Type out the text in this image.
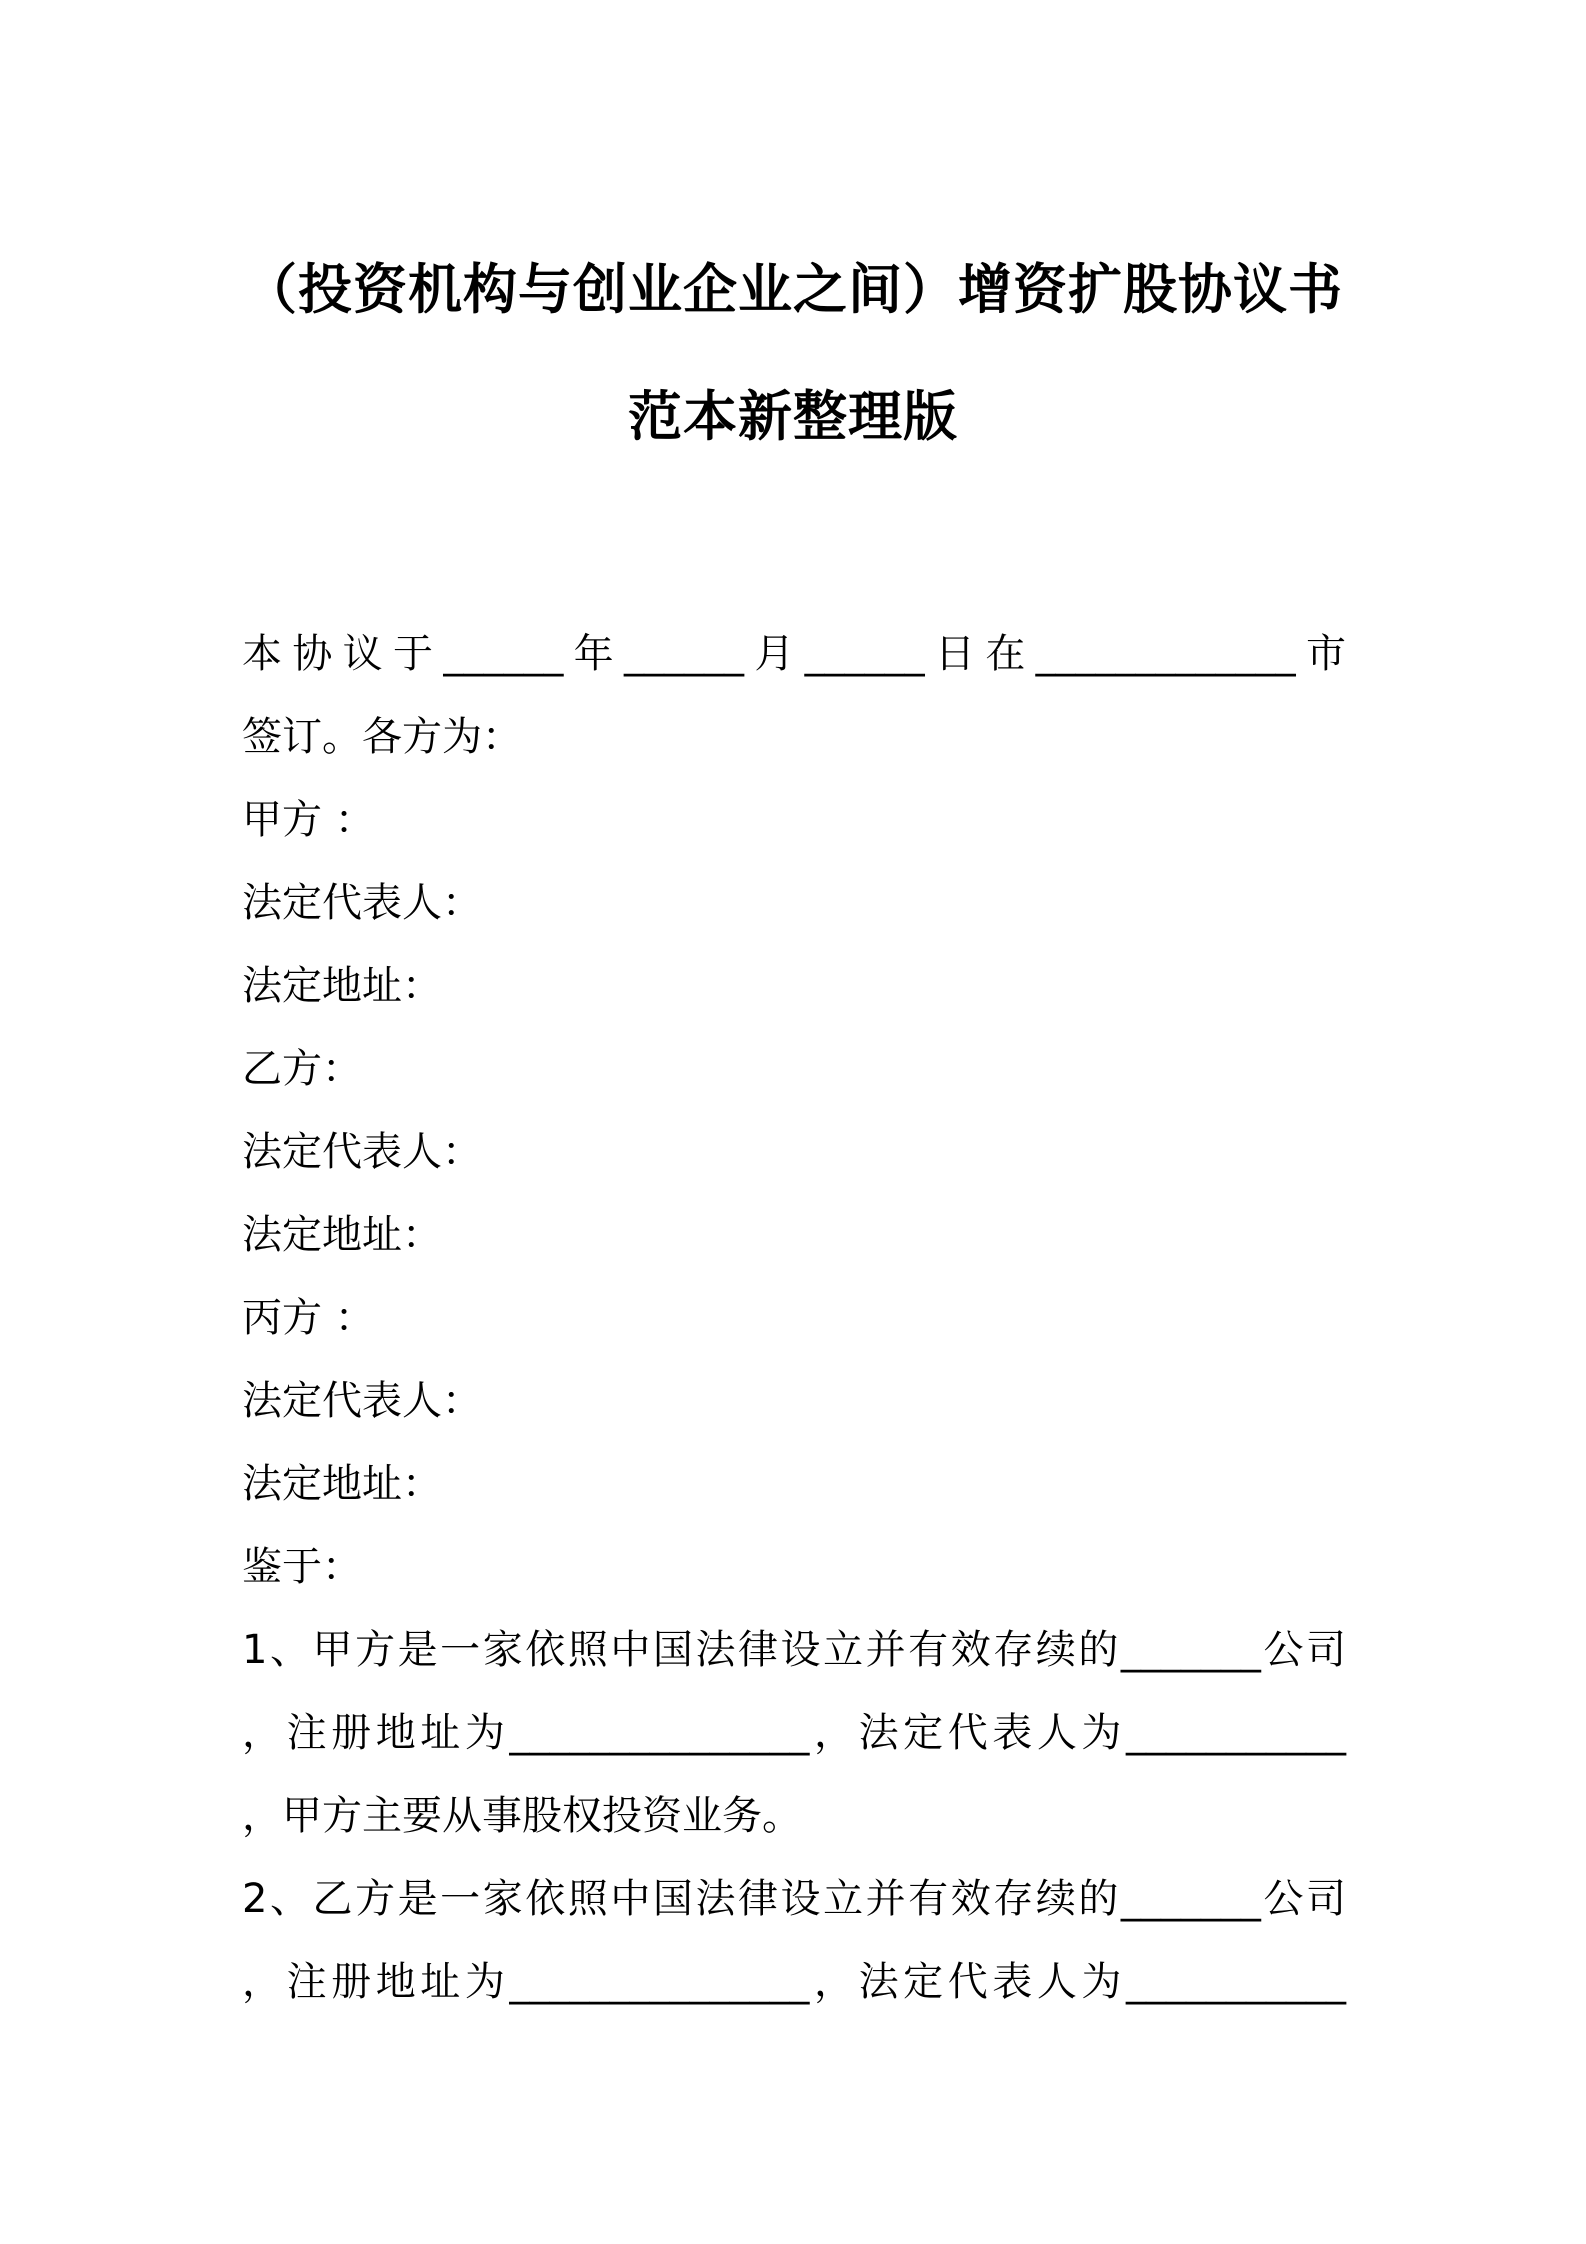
（投资机构与创业企业之间）增资扩股协议书
范本新整理版

本协议于______年______月______日在_____________市

签订。各方为：

甲方 ：

法定代表人：

法定地址：

乙方：

法定代表人：

法定地址：

丙方 ：

法定代表人：

法定地址：

鉴于：

1、甲方是一家依照中国法律设立并有效存续的_______公司

，注册地址为_______________，法定代表人为___________

，甲方主要从事股权投资业务。

2、乙方是一家依照中国法律设立并有效存续的_______公司

，注册地址为_______________，法定代表人为___________
